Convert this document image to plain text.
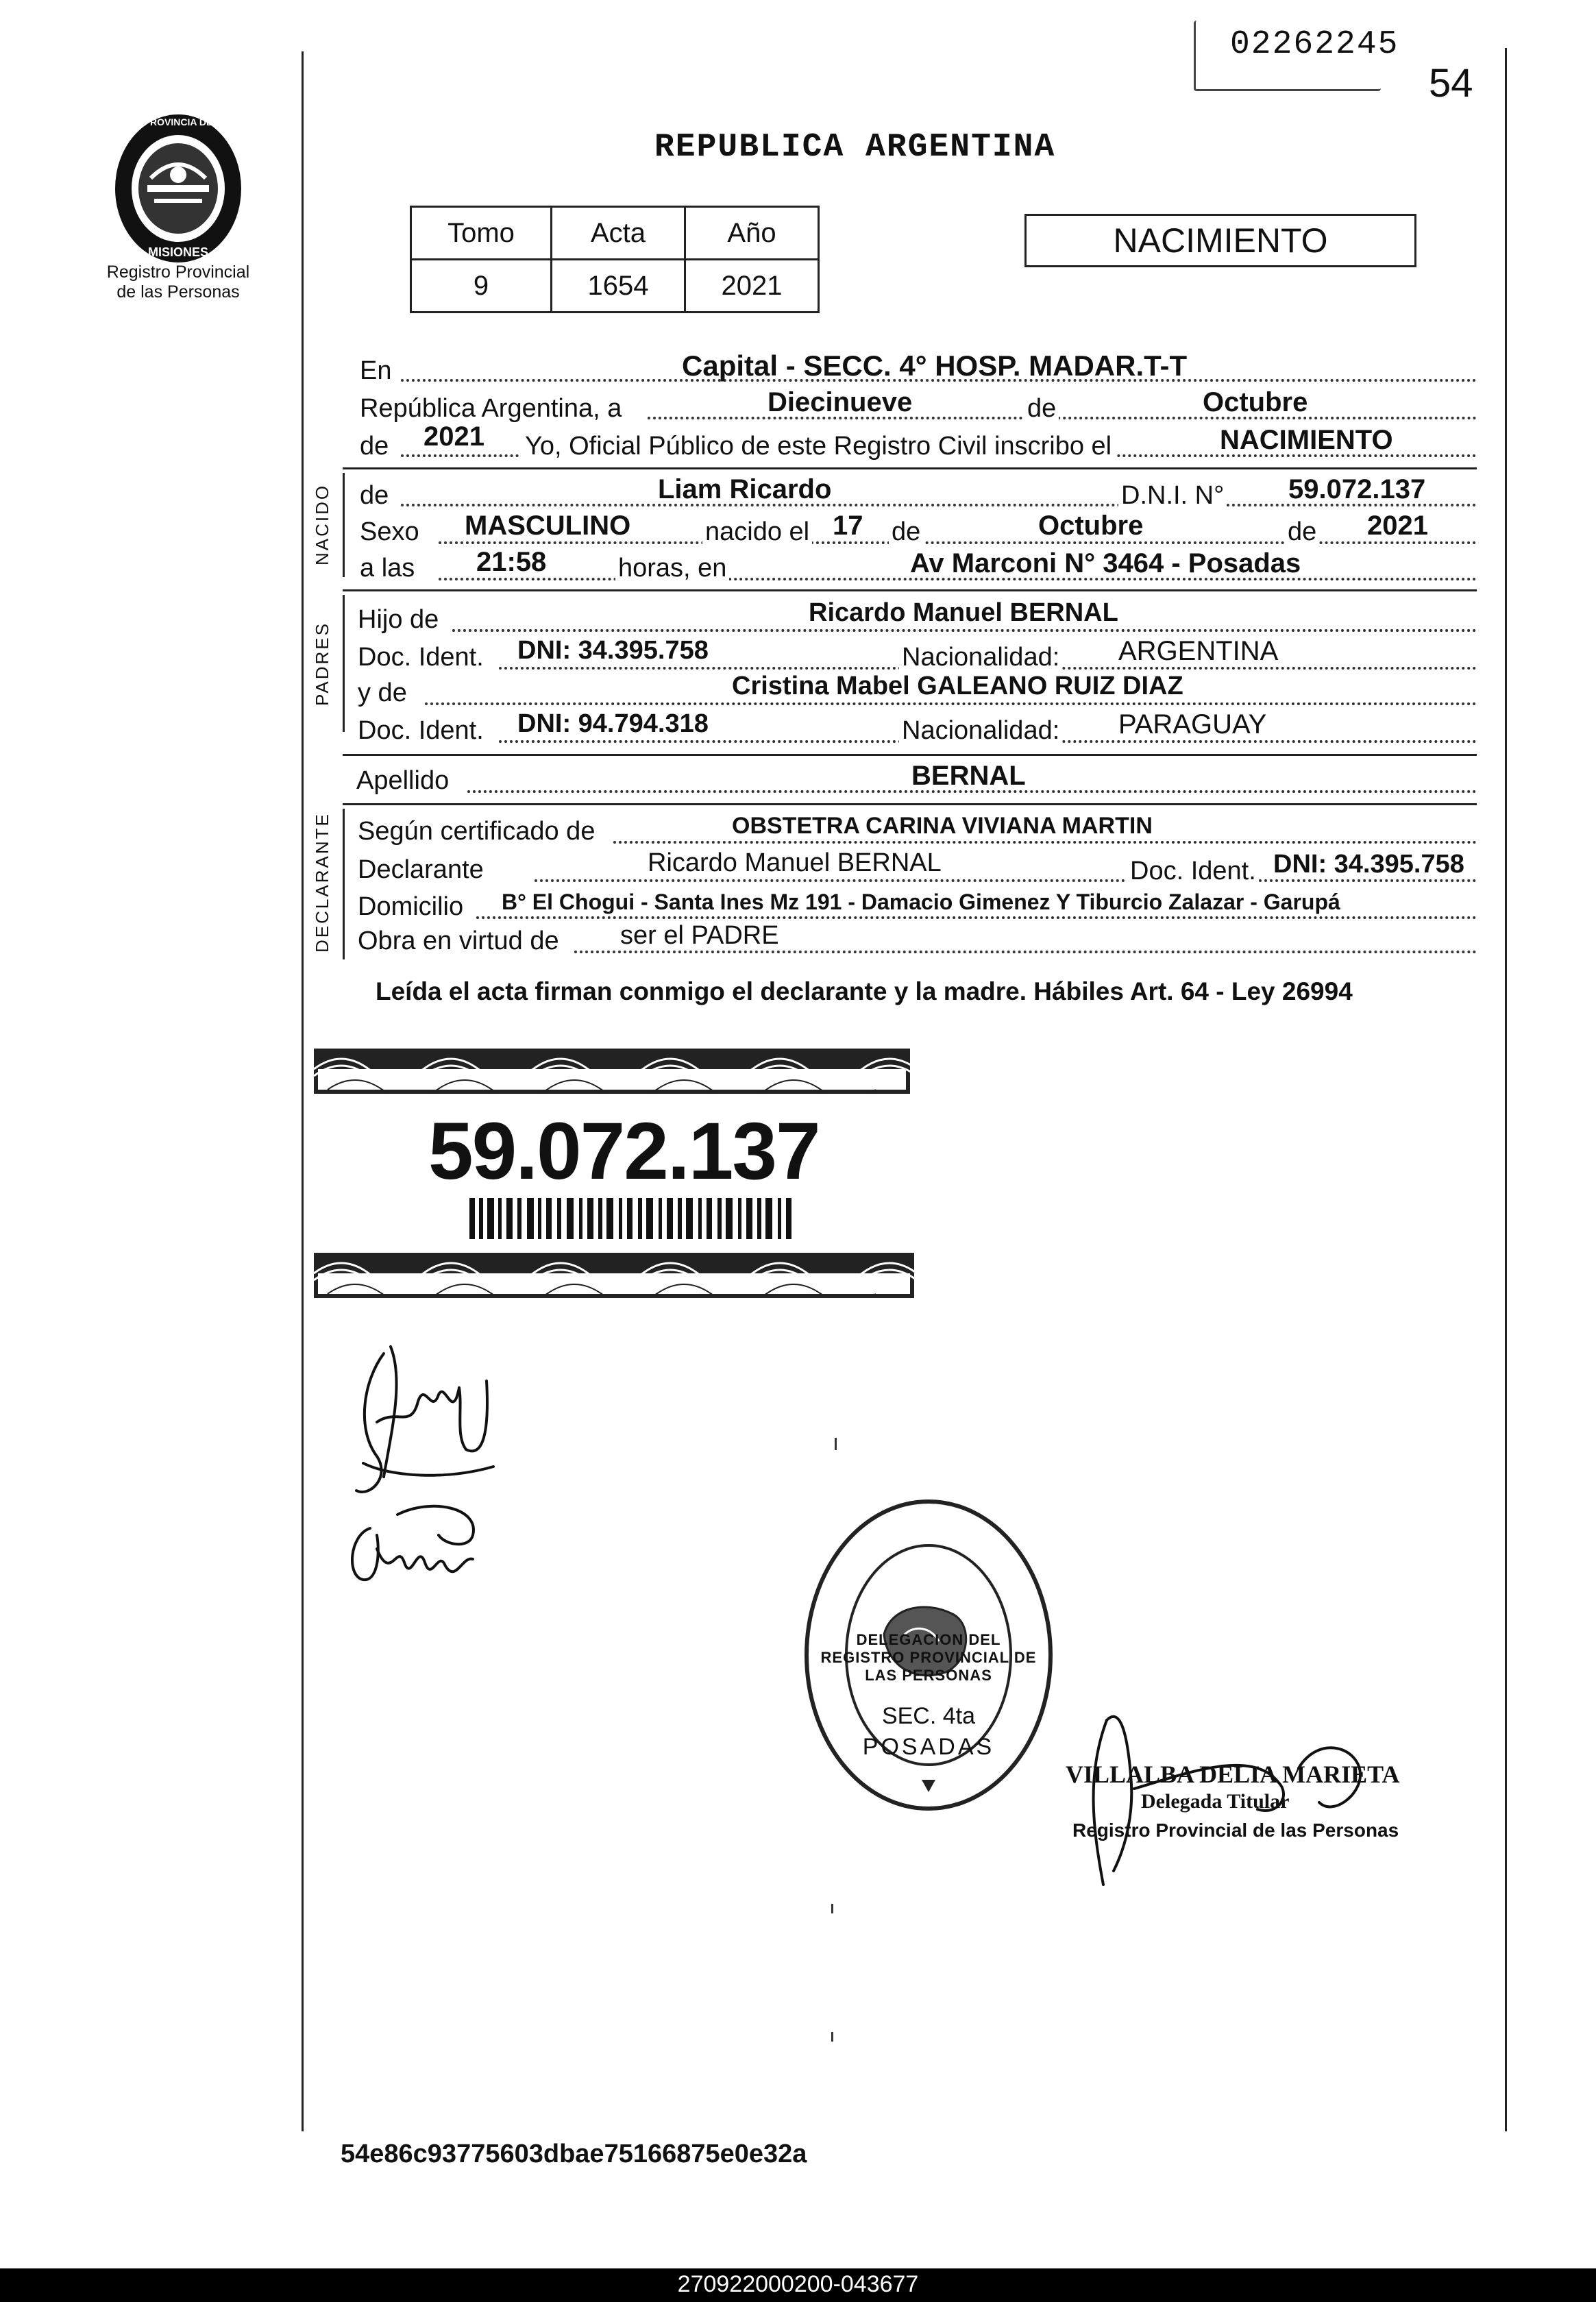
02262245
54
PROVINCIA DE
MISIONES
Registro Provincial
de las Personas
REPUBLICA ARGENTINA
Tomo	Acta	Año
9	1654	2021
NACIMIENTO
En	Capital - SECC. 4° HOSP. MADAR.T-T
República Argentina, a	Diecinueve	de	Octubre
de 2021 Yo, Oficial Público de este Registro Civil inscribo el	NACIMIENTO
NACIDO de	Liam Ricardo	D.N.I. N° 59.072.137
Sexo MASCULINO	nacido el 17 de	Octubre	de 2021
a las 21:58	horas, en	Av Marconi N° 3464 - Posadas
PADRES
Hijo de	Ricardo Manuel BERNAL
Doc. Ident. DNI: 34.395.758	Nacionalidad: ARGENTINA
y de	Cristina Mabel GALEANO RUIZ DIAZ
Doc. Ident. DNI: 94.794.318	Nacionalidad: PARAGUAY
Apellido	BERNAL
DECLARANTE Según certificado de	OBSTETRA CARINA VIVIANA MARTIN
Declarante	Ricardo Manuel BERNAL	Doc. Ident. DNI: 34.395.758
Domicilio B° El Chogui - Santa Ines Mz 191 - Damacio Gimenez Y Tiburcio Zalazar - Garupá
Obra en virtud de ser el PADRE
Leída el acta firman conmigo el declarante y la madre. Hábiles Art. 64 - Ley 26994
59.072.137
DELEGACION DEL REGISTRO PROVINCIAL DE LAS PERSONAS
SEC. 4ta
POSADAS
VILLALBA DELIA MARIETA
Delegada Titular
Registro Provincial de las Personas
54e86c93775603dbae75166875e0e32a
270922000200-043677
